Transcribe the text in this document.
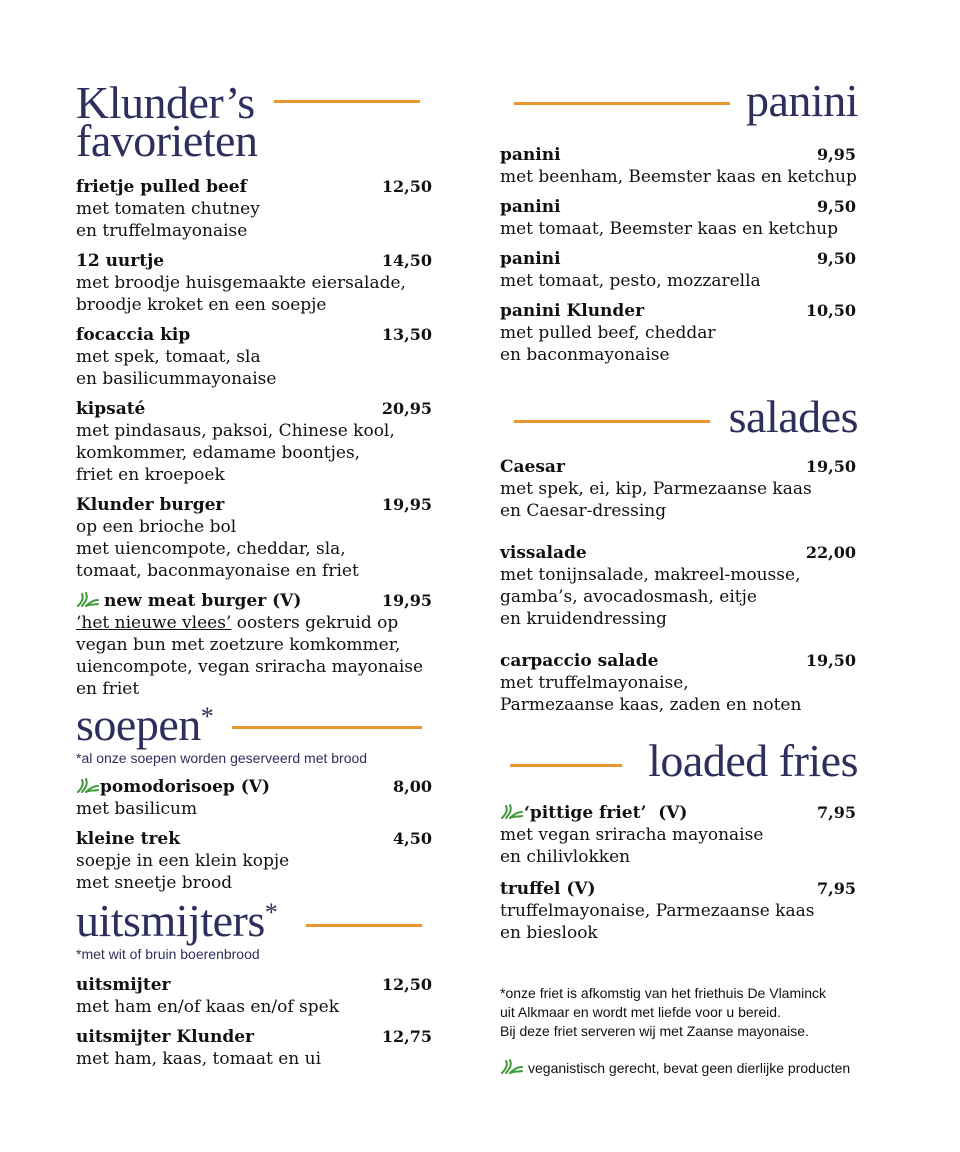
Klunder’s
favorieten
frietje pulled beef	12,50
met tomaten chutney
en truffelmayonaise
12 uurtje	14,50
met broodje huisgemaakte eiersalade,
broodje kroket en een soepje
focaccia kip	13,50
met spek, tomaat, sla
en basilicummayonaise
kipsaté	20,95
met pindasaus, paksoi, Chinese kool,
komkommer, edamame boontjes,
friet en kroepoek
Klunder burger	19,95
op een brioche bol
met uiencompote, cheddar, sla,
tomaat, baconmayonaise en friet
new meat burger (V)	19,95
‘het nieuwe vlees’ oosters gekruid op
vegan bun met zoetzure komkommer,
uiencompote, vegan sriracha mayonaise
en friet
soepen*
*al onze soepen worden geserveerd met brood
pomodorisoep (V)	8,00
met basilicum
kleine trek	4,50
soepje in een klein kopje
met sneetje brood
uitsmijters*
*met wit of bruin boerenbrood
uitsmijter	12,50
met ham en/of kaas en/of spek
uitsmijter Klunder	12,75
met ham, kaas, tomaat en ui
panini
panini	9,95
met beenham, Beemster kaas en ketchup
panini	9,50
met tomaat, Beemster kaas en ketchup
panini	9,50
met tomaat, pesto, mozzarella
panini Klunder	10,50
met pulled beef, cheddar
en baconmayonaise
salades
Caesar	19,50
met spek, ei, kip, Parmezaanse kaas
en Caesar-dressing
vissalade	22,00
met tonijnsalade, makreel-mousse,
gamba’s, avocadosmash, eitje
en kruidendressing
carpaccio salade	19,50
met truffelmayonaise,
Parmezaanse kaas, zaden en noten
loaded fries
‘pittige friet’  (V)	7,95
met vegan sriracha mayonaise
en chilivlokken
truffel (V)	7,95
truffelmayonaise, Parmezaanse kaas
en bieslook
*onze friet is afkomstig van het friethuis De Vlaminck
uit Alkmaar en wordt met liefde voor u bereid.
Bij deze friet serveren wij met Zaanse mayonaise.
veganistisch gerecht, bevat geen dierlijke producten
